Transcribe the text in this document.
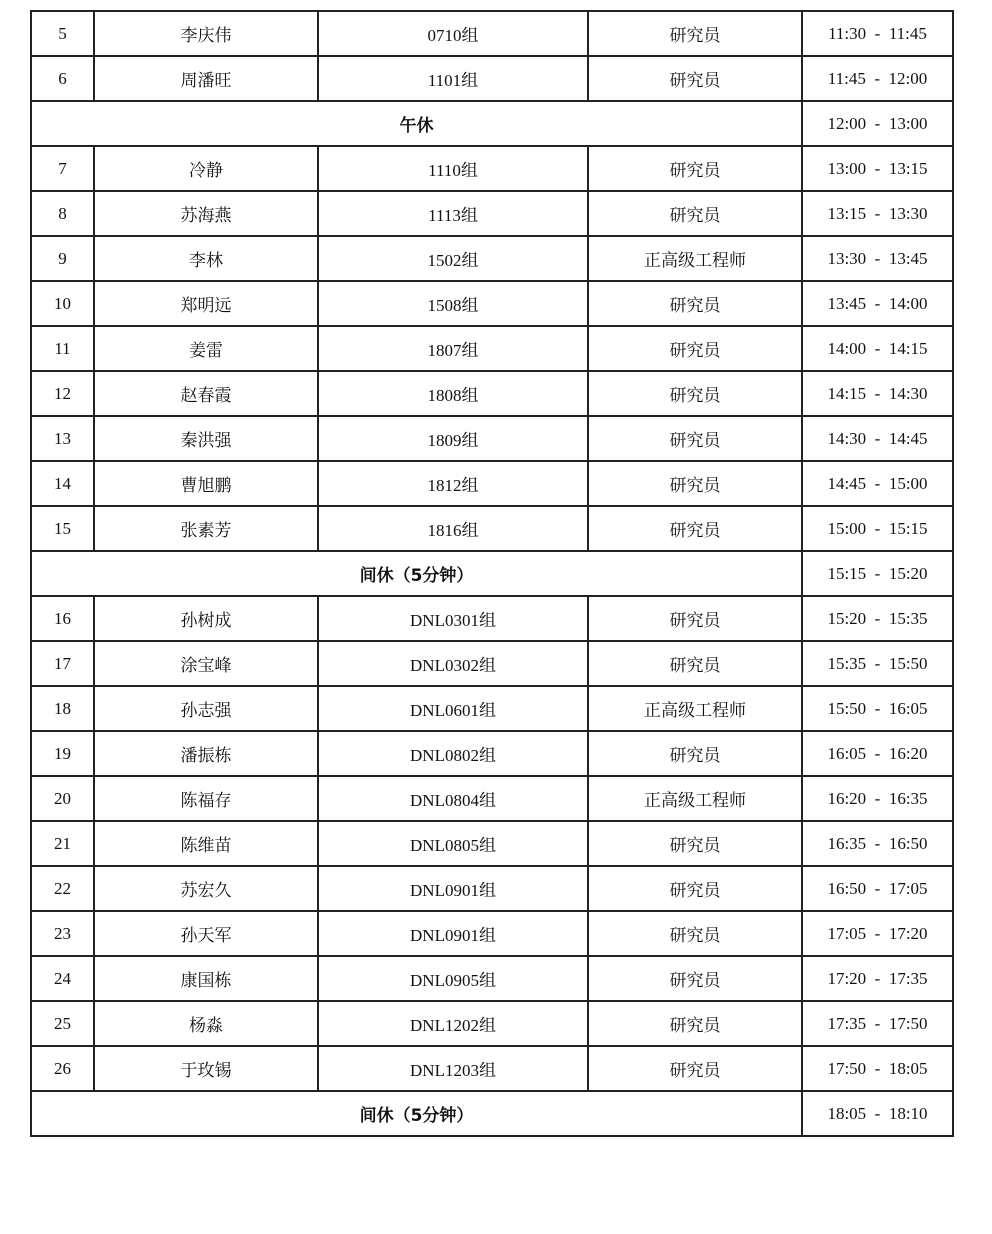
5	李庆伟	0710组	研究员	11:30  -  11:45
6	周潘旺	1101组	研究员	11:45  -  12:00
午休				12:00  -  13:00
7	冷静	1110组	研究员	13:00  -  13:15
8	苏海燕	1113组	研究员	13:15  -  13:30
9	李林	1502组	正高级工程师	13:30  -  13:45
10	郑明远	1508组	研究员	13:45  -  14:00
11	姜雷	1807组	研究员	14:00  -  14:15
12	赵春霞	1808组	研究员	14:15  -  14:30
13	秦洪强	1809组	研究员	14:30  -  14:45
14	曹旭鹏	1812组	研究员	14:45  -  15:00
15	张素芳	1816组	研究员	15:00  -  15:15
间休（5分钟）				15:15  -  15:20
16	孙树成	DNL0301组	研究员	15:20  -  15:35
17	涂宝峰	DNL0302组	研究员	15:35  -  15:50
18	孙志强	DNL0601组	正高级工程师	15:50  -  16:05
19	潘振栋	DNL0802组	研究员	16:05  -  16:20
20	陈福存	DNL0804组	正高级工程师	16:20  -  16:35
21	陈维苗	DNL0805组	研究员	16:35  -  16:50
22	苏宏久	DNL0901组	研究员	16:50  -  17:05
23	孙天军	DNL0901组	研究员	17:05  -  17:20
24	康国栋	DNL0905组	研究员	17:20  -  17:35
25	杨淼	DNL1202组	研究员	17:35  -  17:50
26	于玫锡	DNL1203组	研究员	17:50  -  18:05
间休（5分钟）				18:05  -  18:10
